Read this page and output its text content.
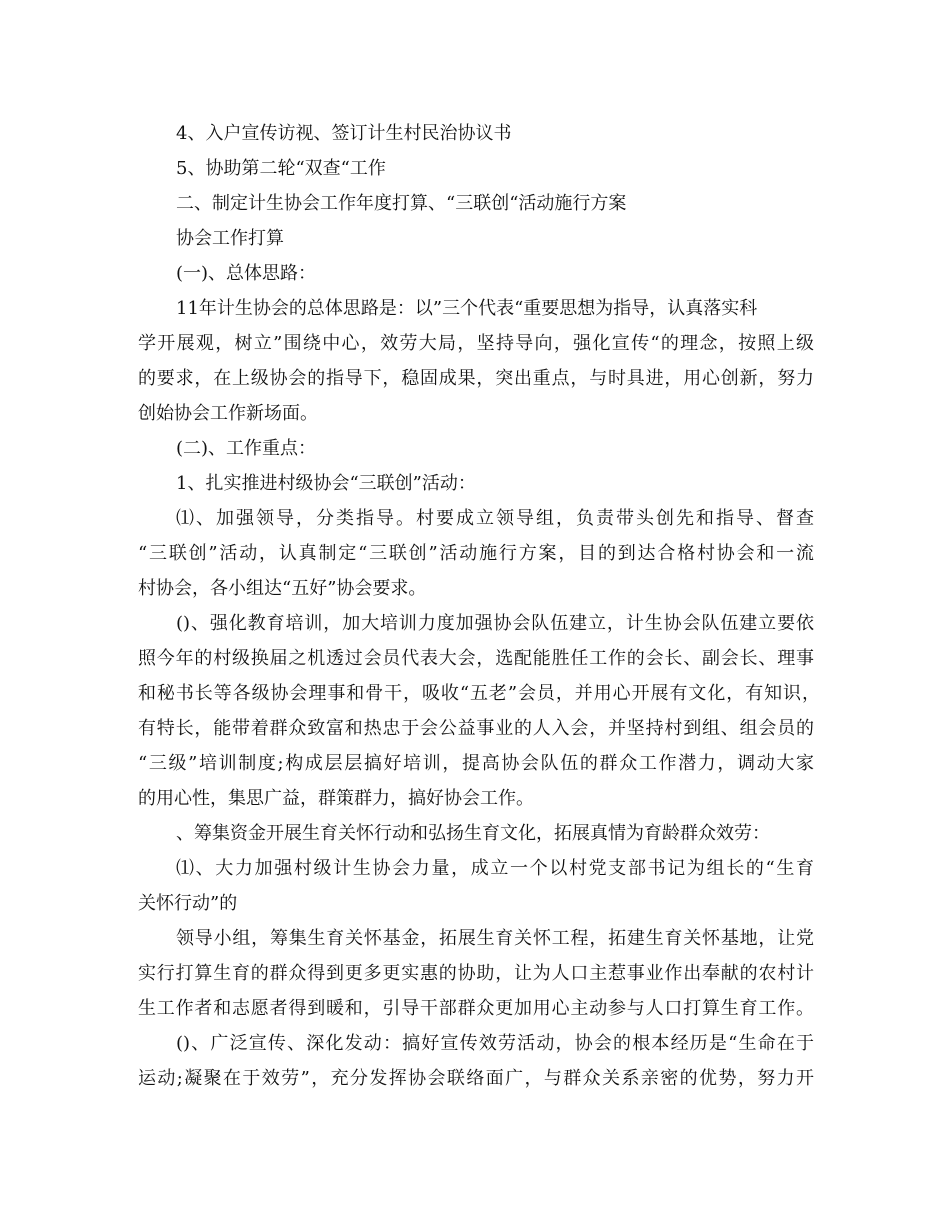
4、入户宣传访视、签订计生村民治协议书

5、协助第二轮“双查“工作

二、制定计生协会工作年度打算、“三联创“活动施行方案

协会工作打算

(一)、总体思路：

11年计生协会的总体思路是：以”三个代表“重要思想为指导，认真落实科

学开展观，树立”围绕中心，效劳大局，坚持导向，强化宣传“的理念，按照上级

的要求，在上级协会的指导下，稳固成果，突出重点，与时具进，用心创新，努力

创始协会工作新场面。

(二)、工作重点：

1、扎实推进村级协会“三联创”活动：

⑴、加强领导，分类指导。村要成立领导组，负责带头创先和指导、督查

“三联创”活动，认真制定“三联创”活动施行方案，目的到达合格村协会和一流

村协会，各小组达“五好”协会要求。

()、强化教育培训，加大培训力度加强协会队伍建立，计生协会队伍建立要依

照今年的村级换届之机透过会员代表大会，选配能胜任工作的会长、副会长、理事

和秘书长等各级协会理事和骨干，吸收“五老”会员，并用心开展有文化，有知识，

有特长，能带着群众致富和热忠于会公益事业的人入会，并坚持村到组、组会员的

“三级”培训制度;构成层层搞好培训，提高协会队伍的群众工作潜力，调动大家

的用心性，集思广益，群策群力，搞好协会工作。

、筹集资金开展生育关怀行动和弘扬生育文化，拓展真情为育龄群众效劳：

⑴、大力加强村级计生协会力量，成立一个以村党支部书记为组长的“生育

关怀行动”的

领导小组，筹集生育关怀基金，拓展生育关怀工程，拓建生育关怀基地，让党

实行打算生育的群众得到更多更实惠的协助，让为人口主惹事业作出奉献的农村计

生工作者和志愿者得到暖和，引导干部群众更加用心主动参与人口打算生育工作。

()、广泛宣传、深化发动：搞好宣传效劳活动，协会的根本经历是“生命在于

运动;凝聚在于效劳”，充分发挥协会联络面广，与群众关系亲密的优势，努力开
